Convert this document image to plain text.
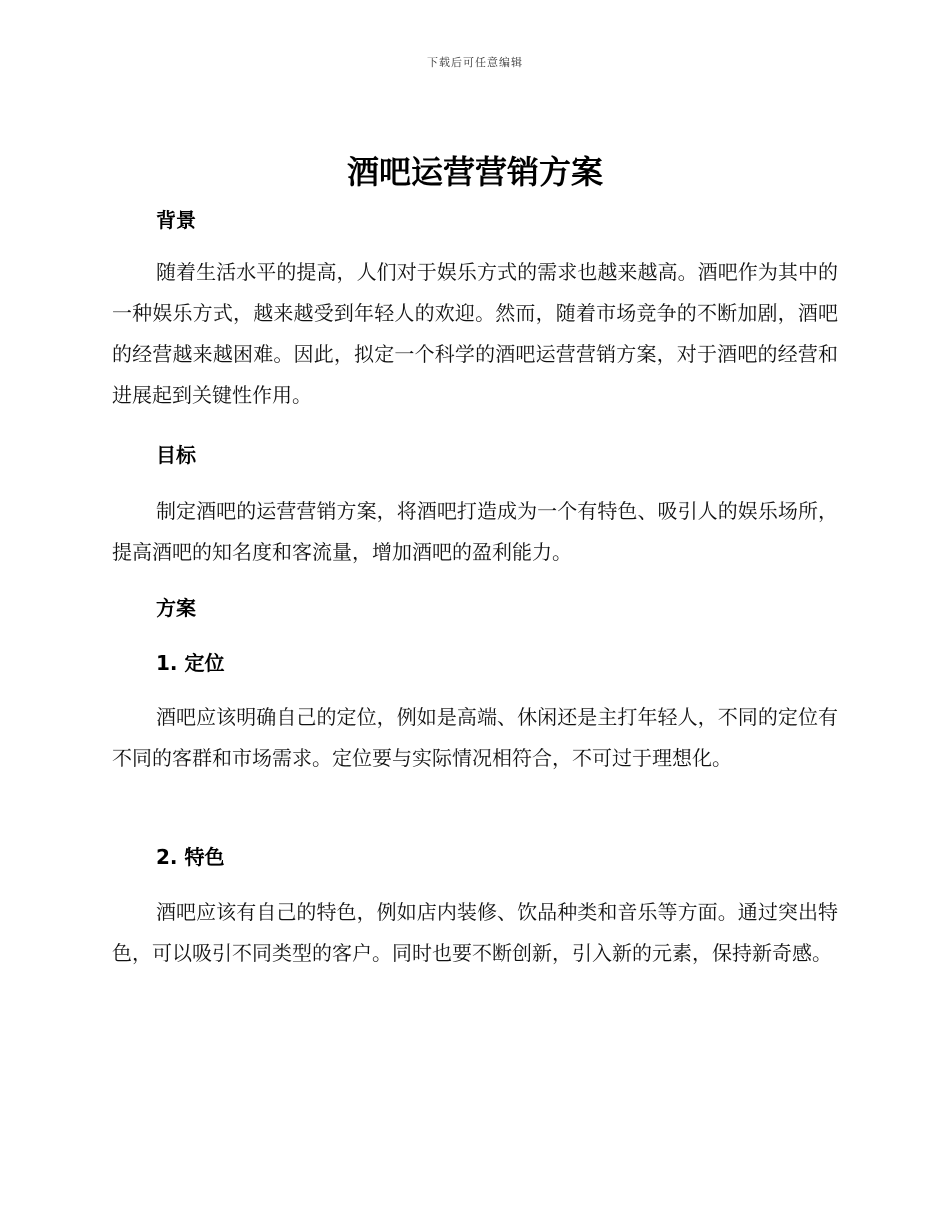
下载后可任意编辑
酒吧运营营销方案
背景

随着生活水平的提高，人们对于娱乐方式的需求也越来越高。酒吧作为其中的一种娱乐方式，越来越受到年轻人的欢迎。然而，随着市场竞争的不断加剧，酒吧的经营越来越困难。因此，拟定一个科学的酒吧运营营销方案，对于酒吧的经营和进展起到关键性作用。

目标

制定酒吧的运营营销方案，将酒吧打造成为一个有特色、吸引人的娱乐场所，提高酒吧的知名度和客流量，增加酒吧的盈利能力。

方案
1. 定位

酒吧应该明确自己的定位，例如是高端、休闲还是主打年轻人，不同的定位有不同的客群和市场需求。定位要与实际情况相符合，不可过于理想化。

2. 特色

酒吧应该有自己的特色，例如店内装修、饮品种类和音乐等方面。通过突出特色，可以吸引不同类型的客户。同时也要不断创新，引入新的元素，保持新奇感。
